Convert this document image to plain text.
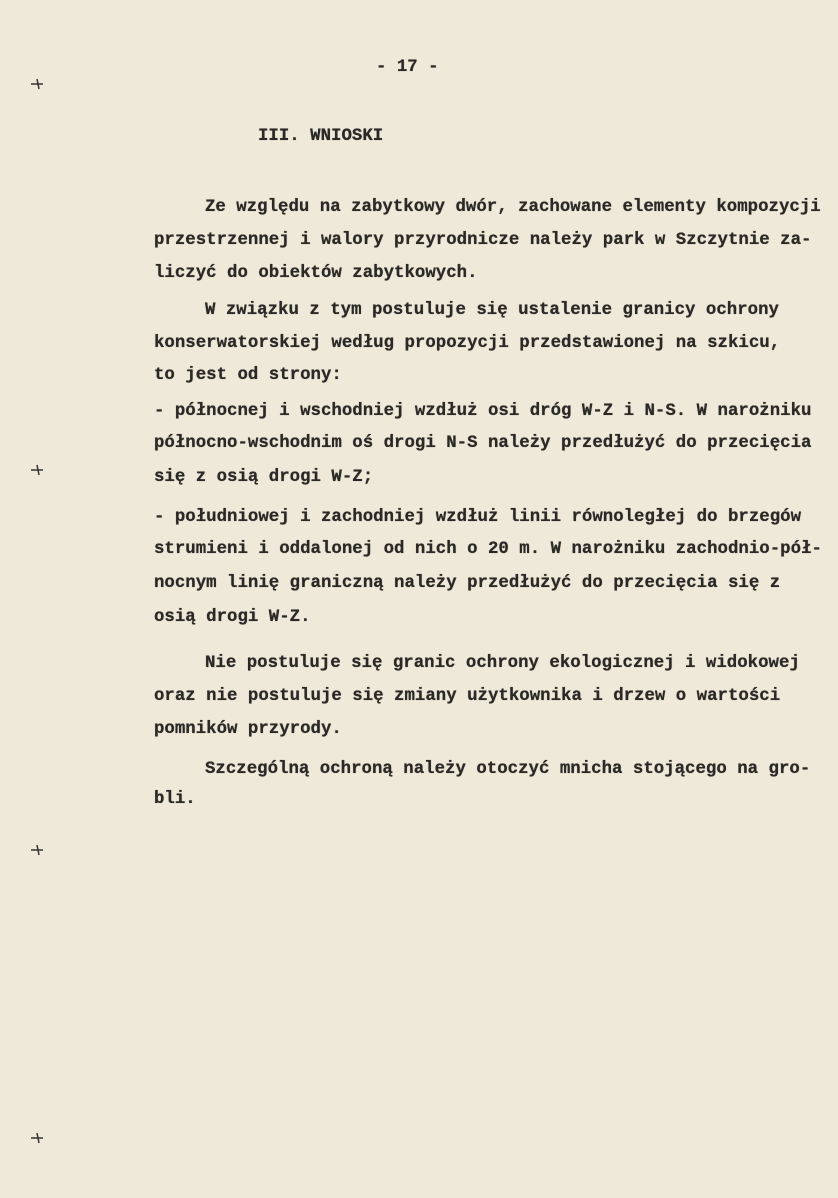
- 17 -
III. WNIOSKI
Ze względu na zabytkowy dwór, zachowane elementy kompozycji
przestrzennej i walory przyrodnicze należy park w Szczytnie za-
liczyć do obiektów zabytkowych.
W związku z tym postuluje się ustalenie granicy ochrony
konserwatorskiej według propozycji przedstawionej na szkicu,
to jest od strony:
- północnej i wschodniej wzdłuż osi dróg W-Z i N-S. W narożniku
północno-wschodnim oś drogi N-S należy przedłużyć do przecięcia
się z osią drogi W-Z;
- południowej i zachodniej wzdłuż linii równoległej do brzegów
strumieni i oddalonej od nich o 20 m. W narożniku zachodnio-pół-
nocnym linię graniczną należy przedłużyć do przecięcia się z
osią drogi W-Z.
Nie postuluje się granic ochrony ekologicznej i widokowej
oraz nie postuluje się zmiany użytkownika i drzew o wartości
pomników przyrody.
Szczególną ochroną należy otoczyć mnicha stojącego na gro-
bli.
